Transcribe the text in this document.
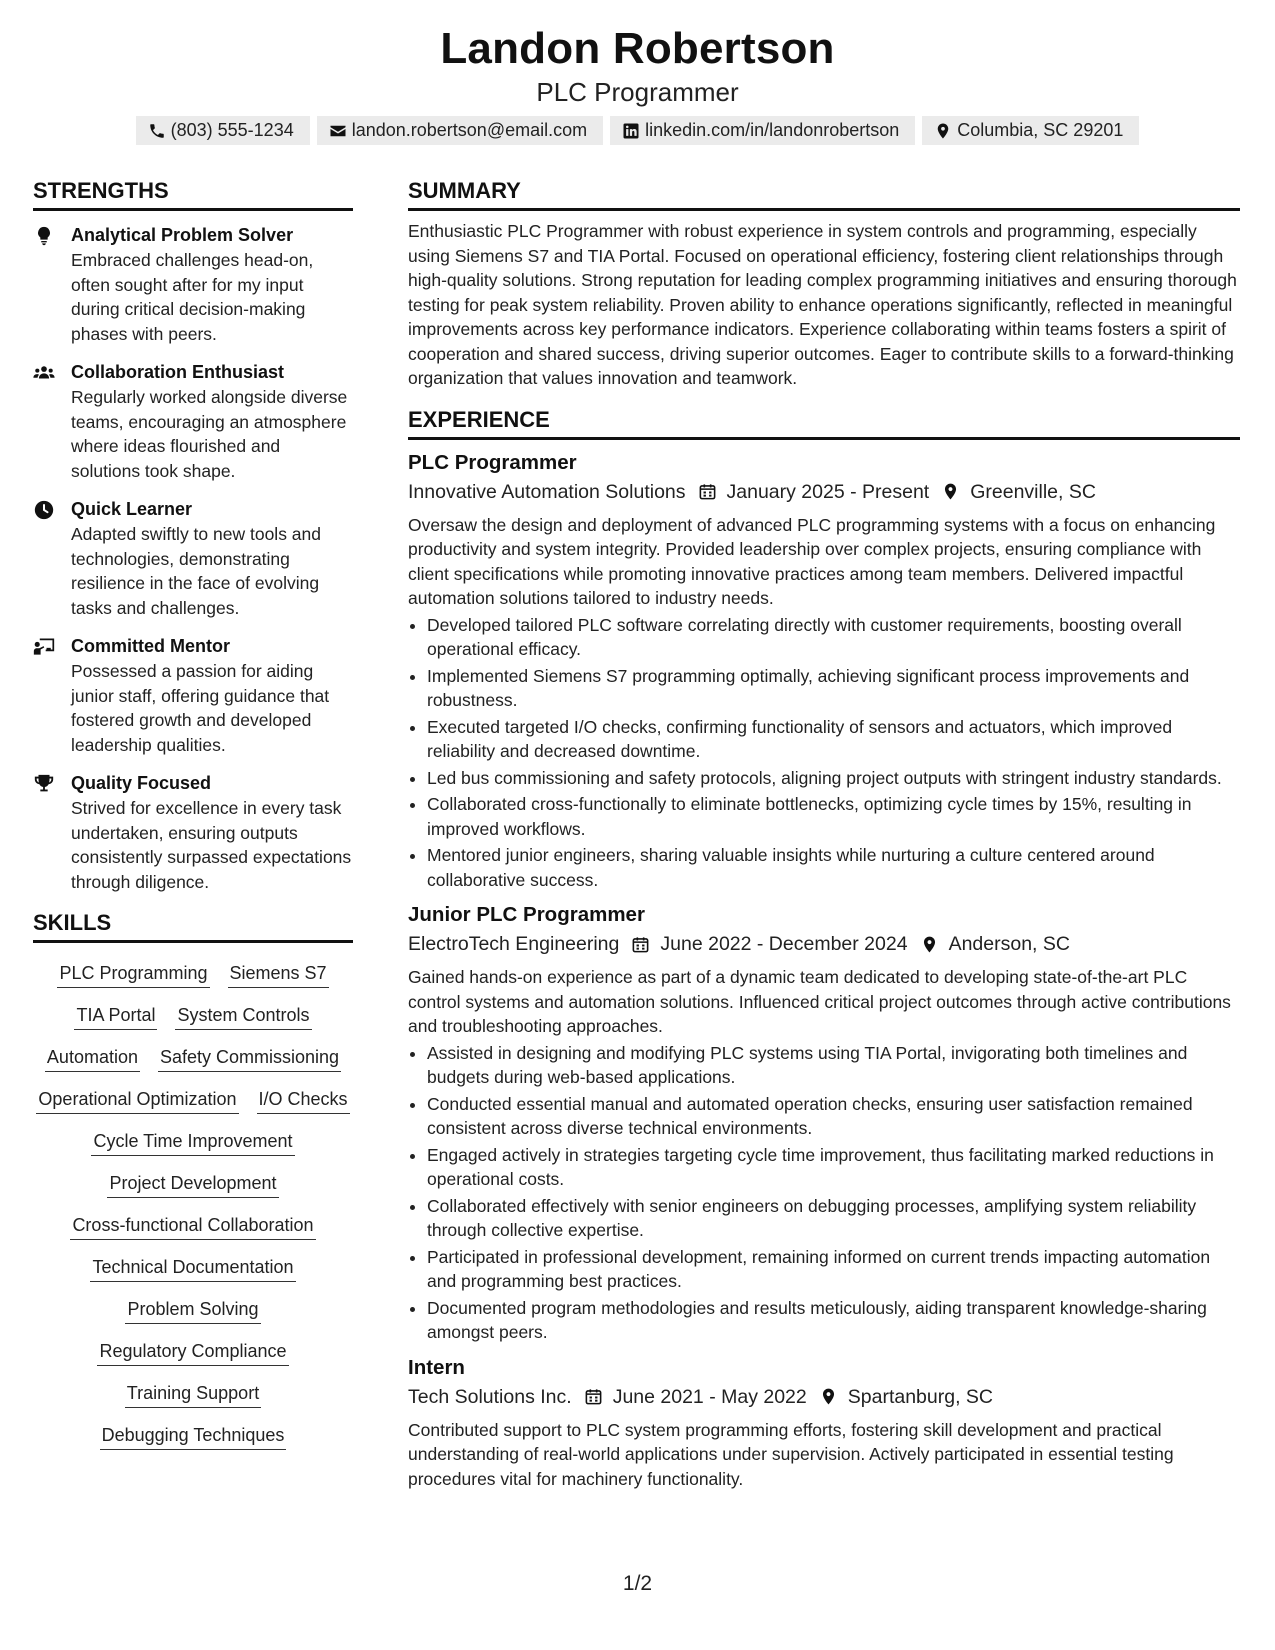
Landon Robertson
PLC Programmer
(803) 555-1234	landon.robertson@email.com	linkedin.com/in/landonrobertson	Columbia, SC 29201
STRENGTHS
Analytical Problem Solver
Embraced challenges head-on, often sought after for my input during critical decision-making phases with peers.
Collaboration Enthusiast
Regularly worked alongside diverse teams, encouraging an atmosphere where ideas flourished and solutions took shape.
Quick Learner
Adapted swiftly to new tools and technologies, demonstrating resilience in the face of evolving tasks and challenges.
Committed Mentor
Possessed a passion for aiding junior staff, offering guidance that fostered growth and developed leadership qualities.
Quality Focused
Strived for excellence in every task undertaken, ensuring outputs consistently surpassed expectations through diligence.
SKILLS
PLC Programming Siemens S7
TIA Portal System Controls
Automation Safety Commissioning
Operational Optimization I/O Checks
Cycle Time Improvement
Project Development
Cross-functional Collaboration
Technical Documentation
Problem Solving
Regulatory Compliance
Training Support
Debugging Techniques
SUMMARY
Enthusiastic PLC Programmer with robust experience in system controls and programming, especially using Siemens S7 and TIA Portal. Focused on operational efficiency, fostering client relationships through high-quality solutions. Strong reputation for leading complex programming initiatives and ensuring thorough testing for peak system reliability. Proven ability to enhance operations significantly, reflected in meaningful improvements across key performance indicators. Experience collaborating within teams fosters a spirit of cooperation and shared success, driving superior outcomes. Eager to contribute skills to a forward-thinking organization that values innovation and teamwork.
EXPERIENCE
PLC Programmer
Innovative Automation Solutions January 2025 - Present Greenville, SC
Oversaw the design and deployment of advanced PLC programming systems with a focus on enhancing productivity and system integrity. Provided leadership over complex projects, ensuring compliance with client specifications while promoting innovative practices among team members. Delivered impactful automation solutions tailored to industry needs.
• Developed tailored PLC software correlating directly with customer requirements, boosting overall operational efficacy.
• Implemented Siemens S7 programming optimally, achieving significant process improvements and robustness.
• Executed targeted I/O checks, confirming functionality of sensors and actuators, which improved reliability and decreased downtime.
• Led bus commissioning and safety protocols, aligning project outputs with stringent industry standards.
• Collaborated cross-functionally to eliminate bottlenecks, optimizing cycle times by 15%, resulting in improved workflows.
• Mentored junior engineers, sharing valuable insights while nurturing a culture centered around collaborative success.
Junior PLC Programmer
ElectroTech Engineering June 2022 - December 2024 Anderson, SC
Gained hands-on experience as part of a dynamic team dedicated to developing state-of-the-art PLC control systems and automation solutions. Influenced critical project outcomes through active contributions and troubleshooting approaches.
• Assisted in designing and modifying PLC systems using TIA Portal, invigorating both timelines and budgets during web-based applications.
• Conducted essential manual and automated operation checks, ensuring user satisfaction remained consistent across diverse technical environments.
• Engaged actively in strategies targeting cycle time improvement, thus facilitating marked reductions in operational costs.
• Collaborated effectively with senior engineers on debugging processes, amplifying system reliability through collective expertise.
• Participated in professional development, remaining informed on current trends impacting automation and programming best practices.
• Documented program methodologies and results meticulously, aiding transparent knowledge-sharing amongst peers.
Intern
Tech Solutions Inc. June 2021 - May 2022 Spartanburg, SC
Contributed support to PLC system programming efforts, fostering skill development and practical understanding of real-world applications under supervision. Actively participated in essential testing procedures vital for machinery functionality.
1/2
